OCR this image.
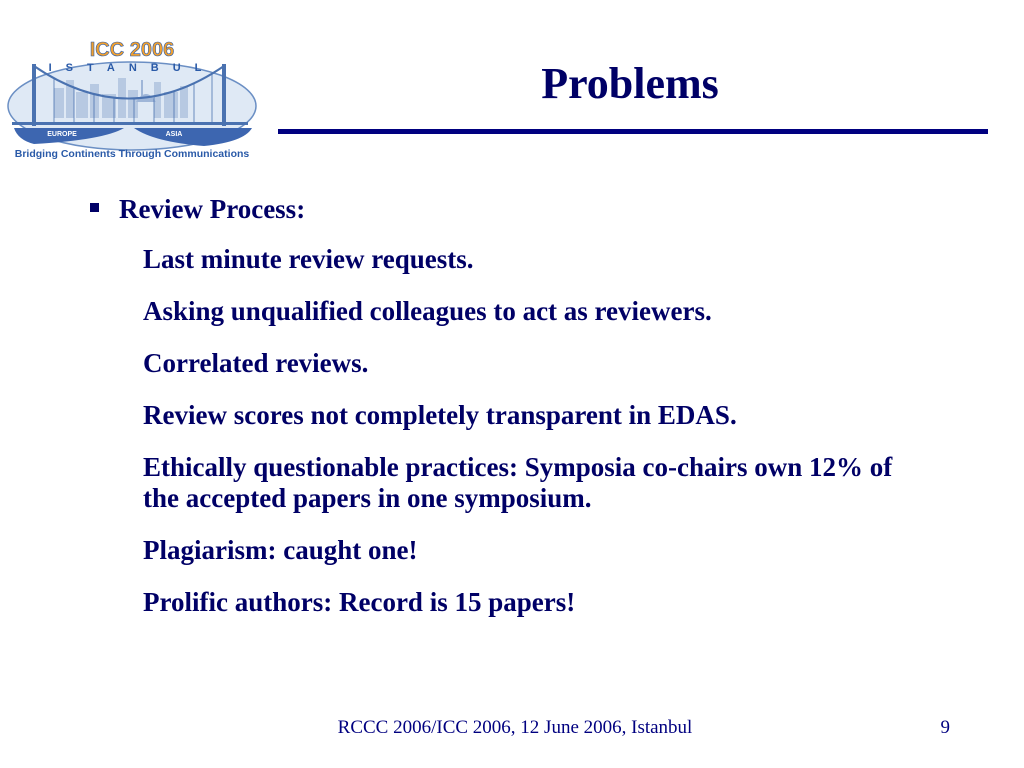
EUROPE	ASIA
ICC 2006
ISTANBUL
Bridging Continents Through Communications
Problems
Review Process:
Last minute review requests.
Asking unqualified colleagues to act as reviewers.
Correlated reviews.
Review scores not completely transparent in EDAS.
Ethically questionable practices: Symposia co-chairs own 12% of the accepted papers in one symposium.
Plagiarism: caught one!
Prolific authors: Record is 15 papers!
RCCC 2006/ICC 2006, 12 June 2006, Istanbul	9
